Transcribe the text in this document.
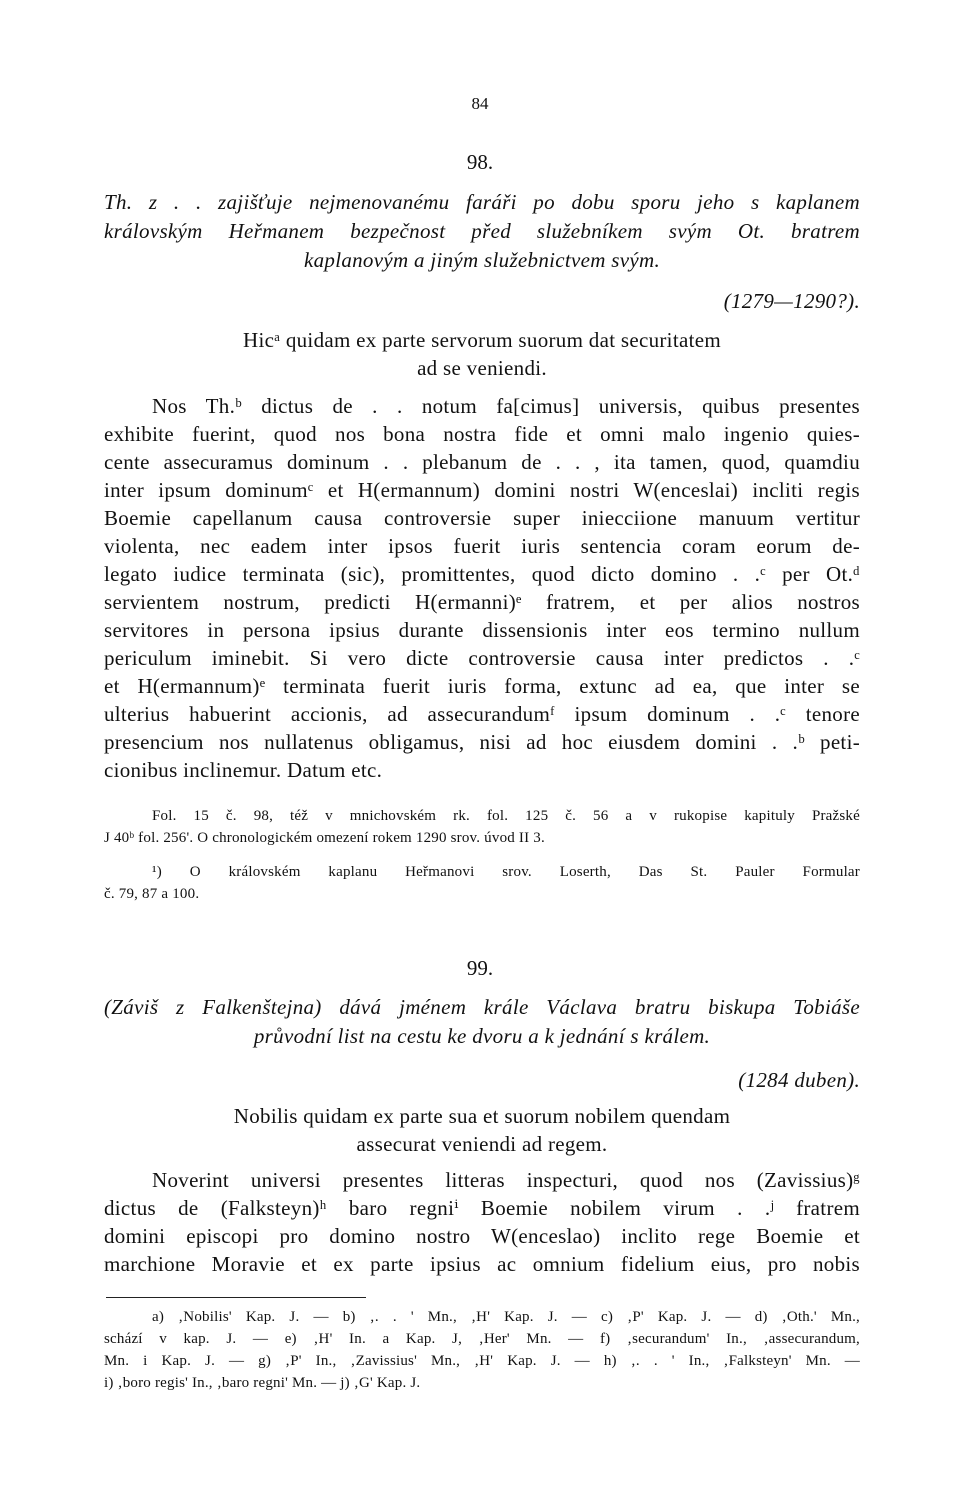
84
98.
Th. z . . zajišťuje nejmenovanému faráři po dobu sporu jeho s kaplanem
královským Heřmanem bezpečnost před služebníkem svým Ot. bratrem
kaplanovým a jiným služebnictvem svým.
(1279—1290?).
Hicᵃ quidam ex parte servorum suorum dat securitatem
ad se veniendi.
Nos Th.ᵇ dictus de . . notum fa[cimus] universis, quibus presentes
exhibite fuerint, quod nos bona nostra fide et omni malo ingenio quies-
cente assecuramus dominum . . plebanum de . . , ita tamen, quod, quamdiu
inter ipsum dominumᶜ et H(ermannum) domini nostri W(enceslai) incliti regis
Boemie capellanum causa controversie super iniecciione manuum vertitur
violenta, nec eadem inter ipsos fuerit iuris sentencia coram eorum de-
legato iudice terminata (sic), promittentes, quod dicto domino . .ᶜ per Ot.ᵈ
servientem nostrum, predicti H(ermanni)ᵉ fratrem, et per alios nostros
servitores in persona ipsius durante dissensionis inter eos termino nullum
periculum iminebit. Si vero dicte controversie causa inter predictos . .ᶜ
et H(ermannum)ᵉ terminata fuerit iuris forma, extunc ad ea, que inter se
ulterius habuerint accionis, ad assecurandumᶠ ipsum dominum . .ᶜ tenore
presencium nos nullatenus obligamus, nisi ad hoc eiusdem domini . .ᵇ peti-
cionibus inclinemur. Datum etc.
Fol. 15 č. 98, též v mnichovském rk. fol. 125 č. 56 a v rukopise kapituly Pražské
J 40ᵇ fol. 256'. O chronologickém omezení rokem 1290 srov. úvod II 3.
¹) O královském kaplanu Heřmanovi srov. Loserth, Das St. Pauler Formular
č. 79, 87 a 100.
99.
(Záviš z Falkenštejna) dává jménem krále Václava bratru biskupa Tobiáše
průvodní list na cestu ke dvoru a k jednání s králem.
(1284 duben).
Nobilis quidam ex parte sua et suorum nobilem quendam
assecurat veniendi ad regem.
Noverint universi presentes litteras inspecturi, quod nos (Zavissius)ᵍ
dictus de (Falksteyn)ʰ baro regniⁱ Boemie nobilem virum . .ʲ fratrem
domini episcopi pro domino nostro W(enceslao) inclito rege Boemie et
marchione Moravie et ex parte ipsius ac omnium fidelium eius, pro nobis
a) ‚Nobilis' Kap. J. — b) ‚. . ' Mn., ‚H' Kap. J. — c) ‚P' Kap. J. — d) ‚Oth.' Mn.,
schází v kap. J. — e) ‚H' In. a Kap. J, ‚Her' Mn. — f) ‚securandum' In., ‚assecurandum,
Mn. i Kap. J. — g) ‚P' In., ‚Zavissius' Mn., ‚H' Kap. J. — h) ‚. . ' In., ‚Falksteyn' Mn. —
i) ‚boro regis' In., ‚baro regni' Mn. — j) ‚G' Kap. J.
